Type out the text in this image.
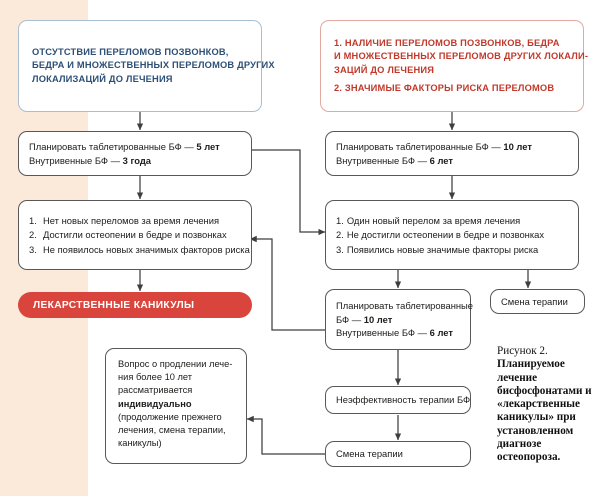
ОТСУТСТВИЕ ПЕРЕЛОМОВ ПОЗВОНКОВ,
БЕДРА И МНОЖЕСТВЕННЫХ ПЕРЕЛОМОВ ДРУГИХ
ЛОКАЛИЗАЦИЙ ДО ЛЕЧЕНИЯ
1. НАЛИЧИЕ ПЕРЕЛОМОВ ПОЗВОНКОВ, БЕДРА
И МНОЖЕСТВЕННЫХ ПЕРЕЛОМОВ ДРУГИХ ЛОКАЛИ-
ЗАЦИЙ ДО ЛЕЧЕНИЯ
2. ЗНАЧИМЫЕ ФАКТОРЫ РИСКА ПЕРЕЛОМОВ
Планировать таблетированные БФ — 5 лет
Внутривенные БФ — 3 года
1. Нет новых переломов за время лечения
2. Достигли остеопении в бедре и позвонках
3. Не появилось новых значимых факторов риска
ЛЕКАРСТВЕННЫЕ КАНИКУЛЫ
Вопрос о продлении лечения более 10 лет рассматривается индивидуально (продолжение прежнего лечения, смена терапии, каникулы)
Планировать таблетированные БФ — 10 лет
Внутривенные БФ — 6 лет
1. Один новый перелом за время лечения
2. Не достигли остеопении в бедре и позвонках
3. Появились новые значимые факторы риска
Планировать таблетированные
БФ — 10 лет
Внутривенные БФ — 6 лет
Смена терапии
Неэффективность терапии БФ
Смена терапии
Рисунок 2. Планируемое лечение бисфосфонатами и «лекарственные каникулы» при установленном диагнозе остеопороза.
